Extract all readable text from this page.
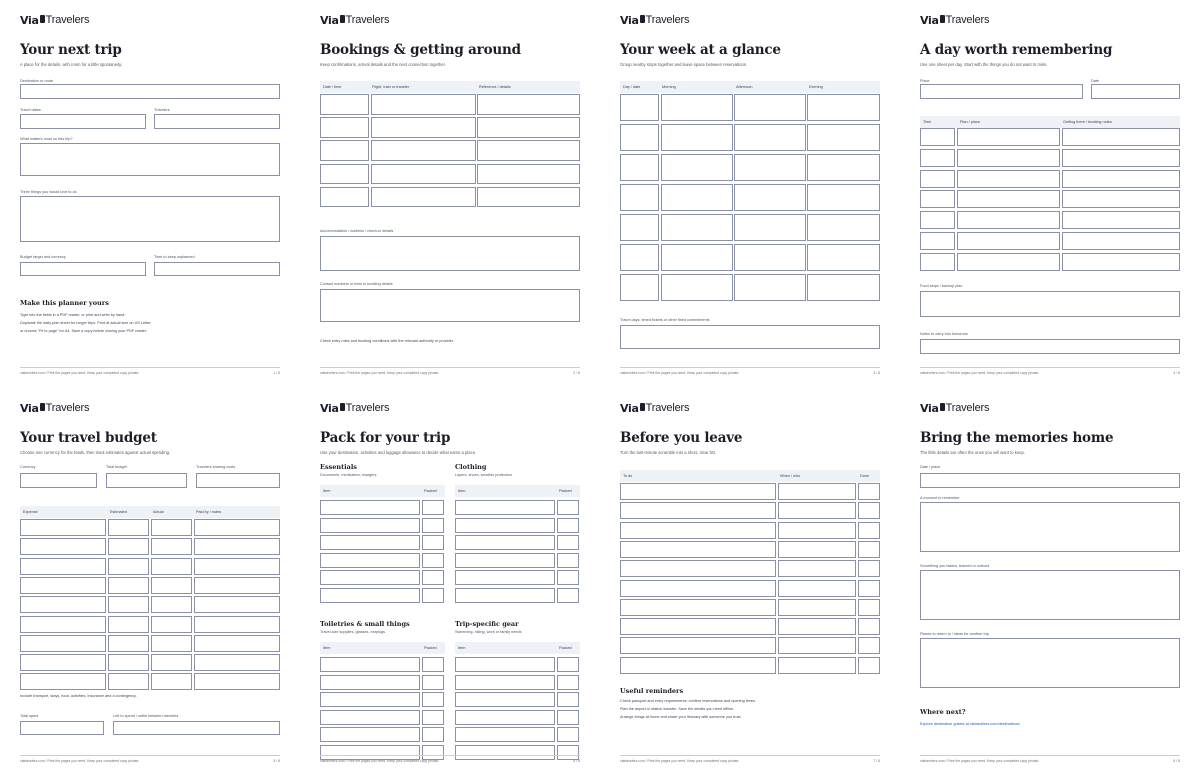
Via Travelers
Your next trip
A place for the details, with room for a little spontaneity.
Destination or route
Travel dates	Travelers
What matters most on this trip?
Three things you would love to do
Budget target and currency	Time to keep unplanned
Make this planner yours
Type into the fields in a PDF reader, or print and write by hand.
Duplicate the daily-plan sheet for longer trips. Print at actual size on US Letter,
or choose "Fit to page" for A4. Save a copy before closing your PDF reader.
viatravelers.com / Print the pages you need. Keep your completed copy private.	1 / 8
Via Travelers
Bookings & getting around
Keep confirmations, arrival details and the next connection together.
Date / time	Flight, train or transfer	Reference / details
Accommodation / address / check-in details
Contact numbers or links to booking details
Check entry rules and booking conditions with the relevant authority or provider.
viatravelers.com / Print the pages you need. Keep your completed copy private.	2 / 8
Via Travelers
Your week at a glance
Group nearby stops together and leave space between reservations.
Day / date	Morning	Afternoon	Evening
Travel days, timed tickets or other fixed commitments
viatravelers.com / Print the pages you need. Keep your completed copy private.	3 / 8
Via Travelers
A day worth remembering
Use one sheet per day. Start with the things you do not want to miss.
Place	Date
Time	Plan / place	Getting there / booking notes
Food stops / backup plan
Notes to carry into tomorrow
viatravelers.com / Print the pages you need. Keep your completed copy private.	4 / 8
Via Travelers
Your travel budget
Choose one currency for the totals, then track estimates against actual spending.
Currency	Total budget	Travelers sharing costs
Expense	Estimated	Actual	Paid by / notes
Include transport, stays, food, activities, insurance and a contingency.
Total spent	Left to spend / settle between travelers
viatravelers.com / Print the pages you need. Keep your completed copy private.	5 / 8
Via Travelers
Pack for your trip
Use your destination, activities and luggage allowance to decide what earns a place.
Essentials
Documents, medication, chargers
Item	Packed
Clothing
Layers, shoes, weather protection
Item	Packed
Toiletries & small things
Travel-size supplies, glasses, earplugs
Item	Packed
Trip-specific gear
Swimming, hiking, work or family needs
Item	Packed
viatravelers.com / Print the pages you need. Keep your completed copy private.	6 / 8
Via Travelers
Before you leave
Turn the last-minute scramble into a short, clear list.
To do	When / who	Done
Useful reminders
Check passport and entry requirements; confirm reservations and opening times.
Plan the airport or station transfer. Save the details you need offline.
Arrange things at home and share your itinerary with someone you trust.
viatravelers.com / Print the pages you need. Keep your completed copy private.	7 / 8
Via Travelers
Bring the memories home
The little details are often the ones you will want to keep.
Date / place
A moment to remember
Something you tasted, learned or noticed
Places to return to / ideas for another trip
Where next?
Explore destination guides at viatravelers.com/destinations/
viatravelers.com / Print the pages you need. Keep your completed copy private.	8 / 8
